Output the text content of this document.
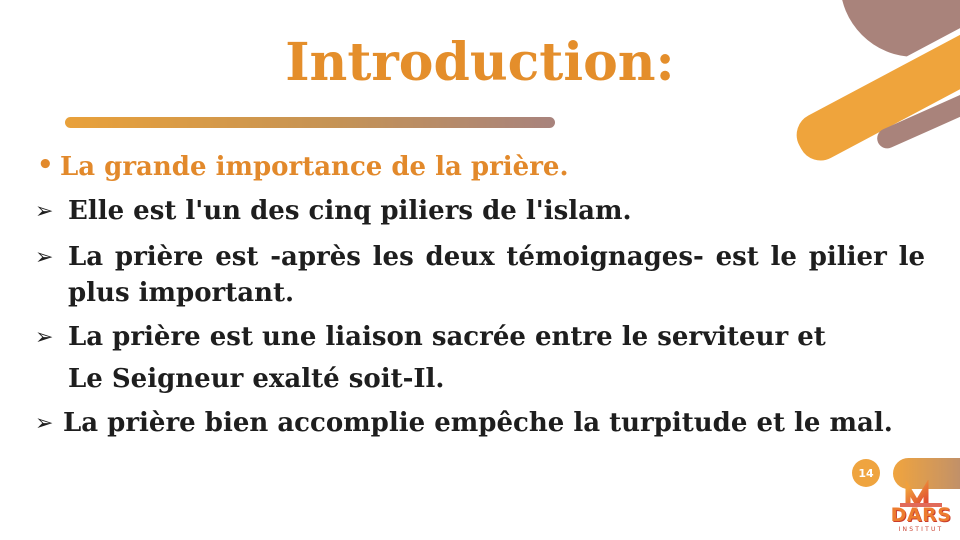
Introduction:
• La grande importance de la prière.
➢ Elle est l'un des cinq piliers de l'islam.
➢ La prière est -après les deux témoignages- est le pilier le
plus important.
➢ La prière est une liaison sacrée entre le serviteur et
Le Seigneur exalté soit-Il.
➢ La prière bien accomplie empêche la turpitude et le mal.
14
DARS
INSTITUT
